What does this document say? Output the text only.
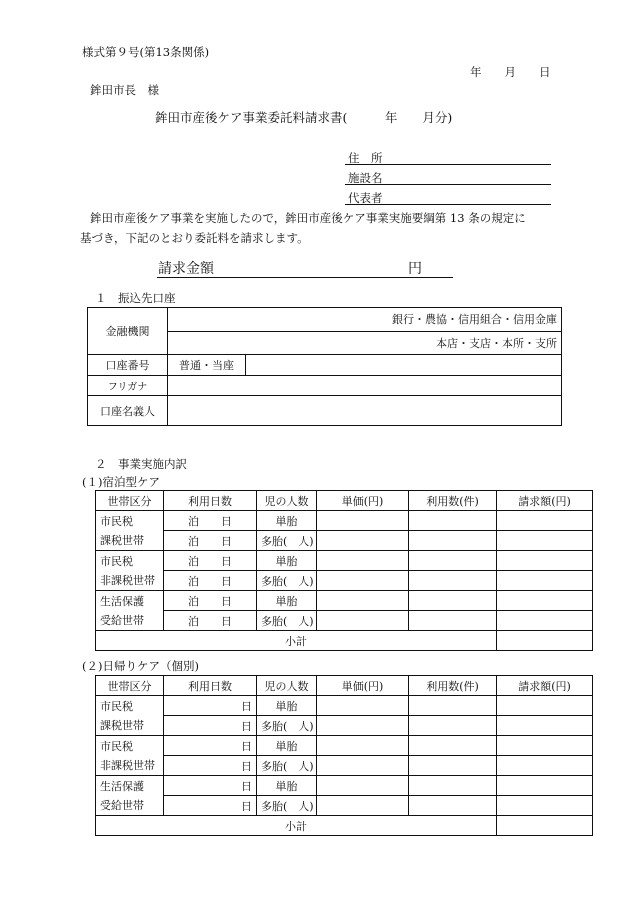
様式第９号(第13条関係)
年　　月　　日
鉾田市長　様
鉾田市産後ケア事業委託料請求書(　　　年　　月分)
住　所
施設名
代表者
鉾田市産後ケア事業を実施したので，鉾田市産後ケア事業実施要綱第 13 条の規定に
基づき，下記のとおり委託料を請求します。
請求金額	円
１　振込先口座
金融機関	銀行・農協・信用組合・信用金庫	
	本店・支店・本所・支所	
口座番号	普通・当座	
フリガナ		
口座名義人		
２　事業実施内訳
(１)宿泊型ケア
世帯区分	利用日数	児の人数	単価(円)	利用数(件)	請求額(円)
市民税	泊　　日	単胎			
課税世帯	泊　　日	多胎(　人)			
市民税	泊　　日	単胎			
非課税世帯	泊　　日	多胎(　人)			
生活保護	泊　　日	単胎			
受給世帯	泊　　日	多胎(　人)			
小計					
(２)日帰りケア（個別)
世帯区分	利用日数	児の人数	単価(円)	利用数(件)	請求額(円)
市民税	日	単胎			
課税世帯	日	多胎(　人)			
市民税	日	単胎			
非課税世帯	日	多胎(　人)			
生活保護	日	単胎			
受給世帯	日	多胎(　人)			
小計					
